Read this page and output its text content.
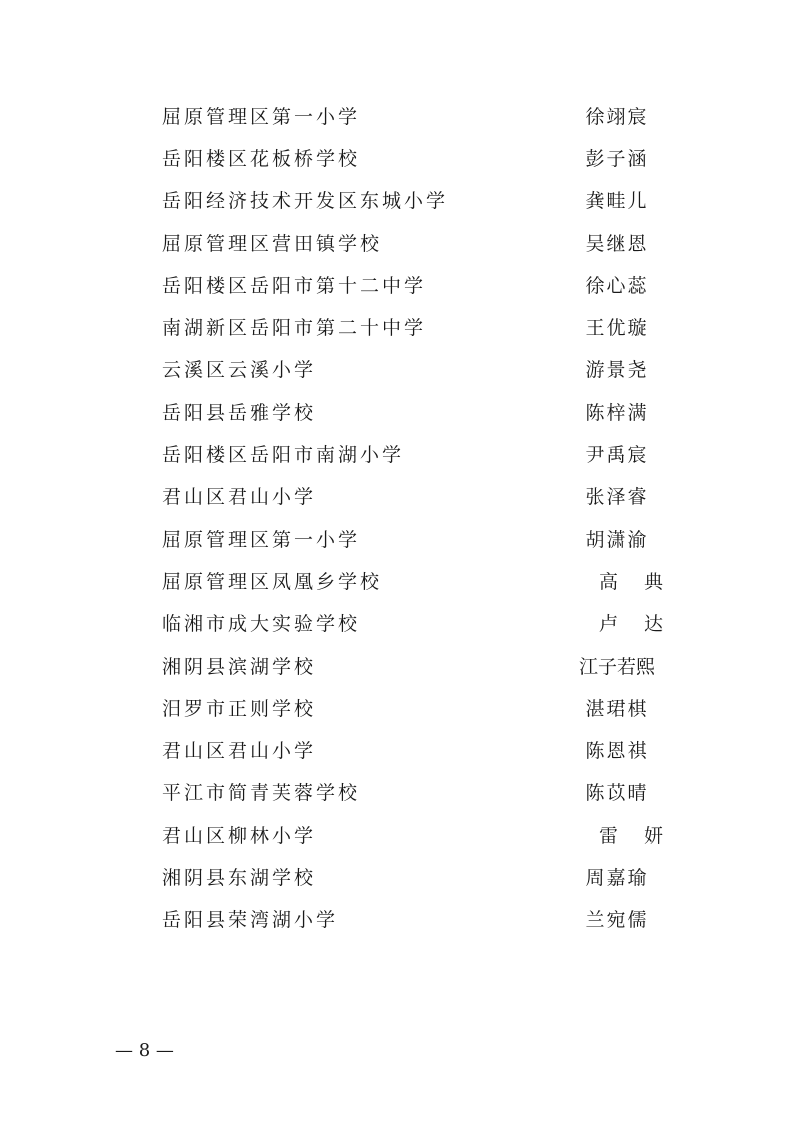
屈原管理区第一小学	徐翊宸
岳阳楼区花板桥学校	彭子涵
岳阳经济技术开发区东城小学	龚畦儿
屈原管理区营田镇学校	吴继恩
岳阳楼区岳阳市第十二中学	徐心蕊
南湖新区岳阳市第二十中学	王优璇
云溪区云溪小学	游景尧
岳阳县岳雅学校	陈梓满
岳阳楼区岳阳市南湖小学	尹禹宸
君山区君山小学	张泽睿
屈原管理区第一小学	胡潇渝
屈原管理区凤凰乡学校	高典
临湘市成大实验学校	卢达
湘阴县滨湖学校	江子若熙
汨罗市正则学校	湛珺棋
君山区君山小学	陈恩祺
平江市简青芙蓉学校	陈苡晴
君山区柳林小学	雷妍
湘阴县东湖学校	周嘉瑜
岳阳县荣湾湖小学	兰宛儒
— 8 —
